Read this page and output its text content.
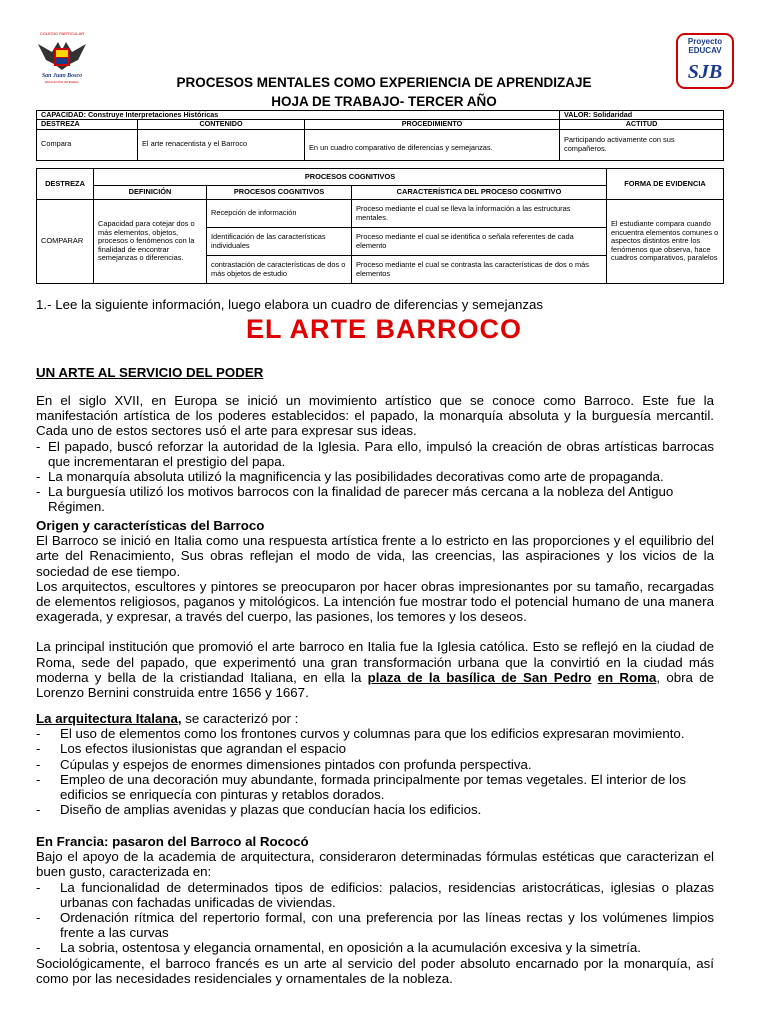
COLEGIO PARTICULAR
San Juan Bosco
EDUCACIÓN INTEGRAL
Proyecto
EDUCAV
SJB
PROCESOS MENTALES COMO EXPERIENCIA DE APRENDIZAJE
HOJA DE TRABAJO- TERCER AÑO
CAPACIDAD: Construye Interpretaciones Históricas			VALOR: Solidaridad
DESTREZA	CONTENIDO	PROCEDIMIENTO	ACTITUD
Compara	El arte renacentista y el Barroco	En un cuadro comparativo de diferencias y semejanzas.	Participando activamente con sus compañeros.
DESTREZA	PROCESOS COGNITIVOS			FORMA DE EVIDENCIA
	DEFINICIÓN	PROCESOS COGNITIVOS	CARACTERÍSTICA DEL PROCESO COGNITIVO	
COMPARAR	Capacidad para cotejar dos o más elementos, objetos, procesos o fenómenos con la finalidad de encontrar semejanzas o diferencias.	Recepción de información	Proceso mediante el cual se lleva la información a las estructuras mentales.	El estudiante compara cuando encuentra elementos comunes o aspectos distintos entre los fenómenos que observa, hace cuadros comparativos, paralelos
		Identificación de las características individuales	Proceso mediante el cual se identifica o señala referentes de cada elemento	
		contrastación de características de dos o más objetos de estudio	Proceso mediante el cual se contrasta las características de dos o más elementos	
1.- Lee la siguiente información, luego elabora un cuadro de diferencias y semejanzas
EL ARTE BARROCO
UN ARTE AL SERVICIO DEL PODER
En el siglo XVII, en Europa se inició un movimiento artístico que se conoce como Barroco. Este fue la manifestación artística de los poderes establecidos: el papado, la monarquía absoluta y la burguesía mercantil. Cada uno de estos sectores usó el arte para expresar sus ideas.
- El papado, buscó reforzar la autoridad de la Iglesia. Para ello, impulsó la creación de obras artísticas barrocas que incrementaran el prestigio del papa.
- La monarquía absoluta utilizó la magnificencia y las posibilidades decorativas como arte de propaganda.
- La burguesía utilizó los motivos barrocos con la finalidad de parecer más cercana a la nobleza del Antiguo Régimen.
Origen y características del Barroco
El Barroco se inició en Italia como una respuesta artística frente a lo estricto en las proporciones y el equilibrio del arte del Renacimiento, Sus obras reflejan el modo de vida, las creencias, las aspiraciones y los vicios de la sociedad de ese tiempo.
Los arquitectos, escultores y pintores se preocuparon por hacer obras impresionantes por su tamaño, recargadas de elementos religiosos, paganos y mitológicos. La intención fue mostrar todo el potencial humano de una manera exagerada, y expresar, a través del cuerpo, las pasiones, los temores y los deseos.
La principal institución que promovió el arte barroco en Italia fue la Iglesia católica. Esto se reflejó en la ciudad de Roma, sede del papado, que experimentó una gran transformación urbana que la convirtió en la ciudad más moderna y bella de la cristiandad Italiana, en ella la plaza de la basílica de San Pedro en Roma, obra de Lorenzo Bernini construida entre 1656 y 1667.
La arquitectura Italana, se caracterizó por :
- El uso de elementos como los frontones curvos y columnas para que los edificios expresaran movimiento.
- Los efectos ilusionistas que agrandan el espacio
- Cúpulas y espejos de enormes dimensiones pintados con profunda perspectiva.
- Empleo de una decoración muy abundante, formada principalmente por temas vegetales. El interior de los edificios se enriquecía con pinturas y retablos dorados.
- Diseño de amplias avenidas y plazas que conducían hacia los edificios.
En Francia: pasaron del Barroco al Rococó
Bajo el apoyo de la academia de arquitectura, consideraron determinadas fórmulas estéticas que caracterizan el buen gusto, caracterizada en:
- La funcionalidad de determinados tipos de edificios: palacios, residencias aristocráticas, iglesias o plazas urbanas con fachadas unificadas de viviendas.
- Ordenación rítmica del repertorio formal, con una preferencia por las líneas rectas y los volúmenes limpios frente a las curvas
- La sobria, ostentosa y elegancia ornamental, en oposición a la acumulación excesiva y la simetría.
Sociológicamente, el barroco francés es un arte al servicio del poder absoluto encarnado por la monarquía, así como por las necesidades residenciales y ornamentales de la nobleza.
